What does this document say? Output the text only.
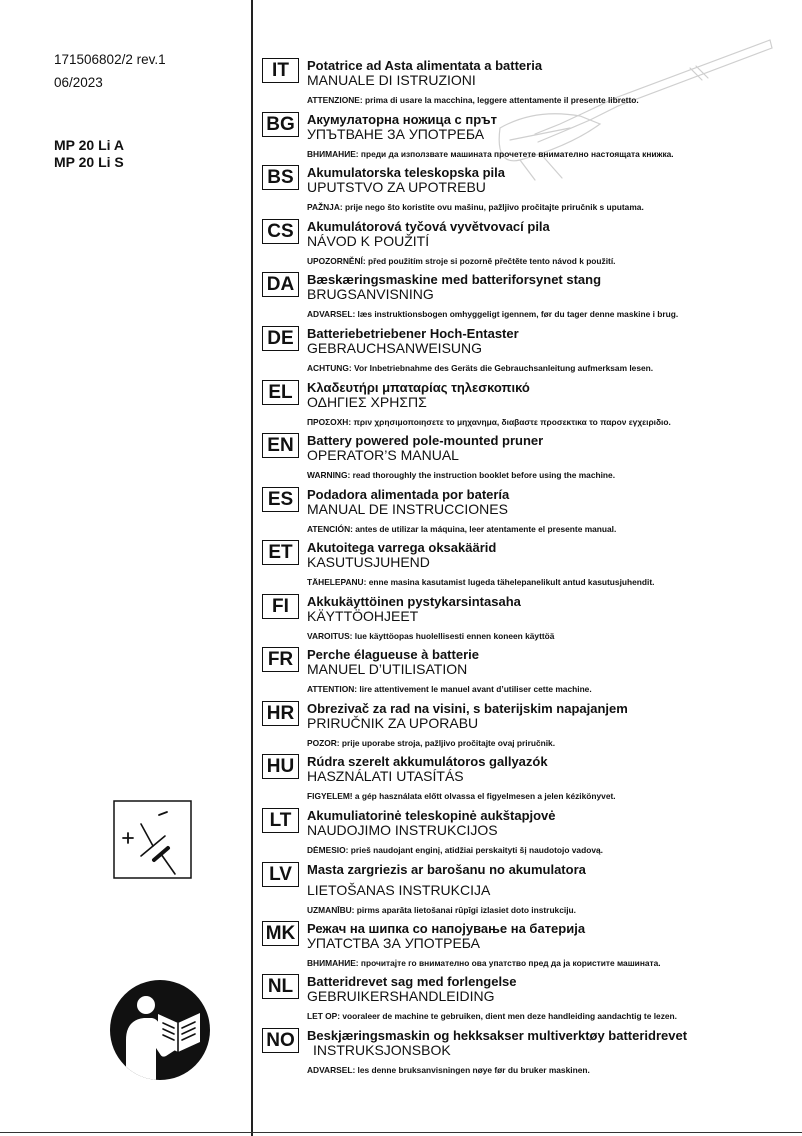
171506802/2 rev.1
06/2023
MP 20 Li A
MP 20 Li S
IT	Potatrice ad Asta alimentata a batteria
MANUALE DI ISTRUZIONI
ATTENZIONE: prima di usare la macchina, leggere attentamente il presente libretto.
BG Акумулаторна ножица с прът
УПЪТВАНЕ ЗА УПОТРЕБА
ВНИМАНИЕ: преди да използвате машината прочетете внимателно настоящата книжка.
BS	Akumulatorska teleskopska pila
UPUTSTVO ZA UPOTREBU
PAŽNJA: prije nego što koristite ovu mašinu, pažljivo pročitajte priručnik s uputama.
CS	Akumulátorová tyčová vyvětvovací pila
NÁVOD K POUŽITÍ
UPOZORNĚNÍ: před použitím stroje si pozorně přečtěte tento návod k použití.
DA Bæskæringsmaskine med batteriforsynet stang
BRUGSANVISNING
ADVARSEL: læs instruktionsbogen omhyggeligt igennem, før du tager denne maskine i brug.
DE	Batteriebetriebener Hoch-Entaster
GEBRAUCHSANWEISUNG
ACHTUNG: Vor Inbetriebnahme des Geräts die Gebrauchsanleitung aufmerksam lesen.
EL	Κλαδευτήρι μπαταρίας τηλεσκοπικό
ΟΔΗΓΙΕΣ ΧΡΗΣΠΣ
ΠΡΟΣΟΧΗ: πριν χρησιμοποιησετε το μηχανημα, διαβαστε προσεκτικα το παρον εγχειριδιο.
EN	Battery powered pole-mounted pruner
OPERATOR’S MANUAL
WARNING: read thoroughly the instruction booklet before using the machine.
ES	Podadora alimentada por batería
MANUAL DE INSTRUCCIONES
ATENCIÓN: antes de utilizar la máquina, leer atentamente el presente manual.
ET	Akutoitega varrega oksakäärid
KASUTUSJUHEND
TÄHELEPANU: enne masina kasutamist lugeda tähelepanelikult antud kasutusjuhendit.
FI	Akkukäyttöinen pystykarsintasaha
KÄYTTÖOHJEET
VAROITUS: lue käyttöopas huolellisesti ennen koneen käyttöä
FR	Perche élagueuse à batterie
MANUEL D’UTILISATION
ATTENTION: lire attentivement le manuel avant d’utiliser cette machine.
HR Obrezivač za rad na visini, s baterijskim napajanjem
PRIRUČNIK ZA UPORABU
POZOR: prije uporabe stroja, pažljivo pročitajte ovaj priručnik.
HU Rúdra szerelt akkumulátoros gallyazók
HASZNÁLATI UTASÍTÁS
FIGYELEM! a gép használata előtt olvassa el figyelmesen a jelen kézikönyvet.
LT	Akumuliatorinė teleskopinė aukštapjovė
NAUDOJIMO INSTRUKCIJOS
DĖMESIO: prieš naudojant enginį, atidžiai perskaityti šį naudotojo vadovą.
LV	Masta zargriezis ar barošanu no akumulatora
LIETOŠANAS INSTRUKCIJA
UZMANĪBU: pirms aparāta lietošanai rūpīgi izlasiet doto instrukciju.
MK Режач на шипка со напојување на батерија
УПАТСТВА ЗА УПОТРЕБА
ВНИМАНИЕ: прочитајте го внимателно ова упатство пред да ја користите машината.
NL	Batteridrevet sag med forlengelse
GEBRUIKERSHANDLEIDING
LET OP: vooraleer de machine te gebruiken, dient men deze handleiding aandachtig te lezen.
NO Beskjæringsmaskin og hekksakser multiverktøy batteridrevet
INSTRUKSJONSBOK
ADVARSEL: les denne bruksanvisningen nøye før du bruker maskinen.
